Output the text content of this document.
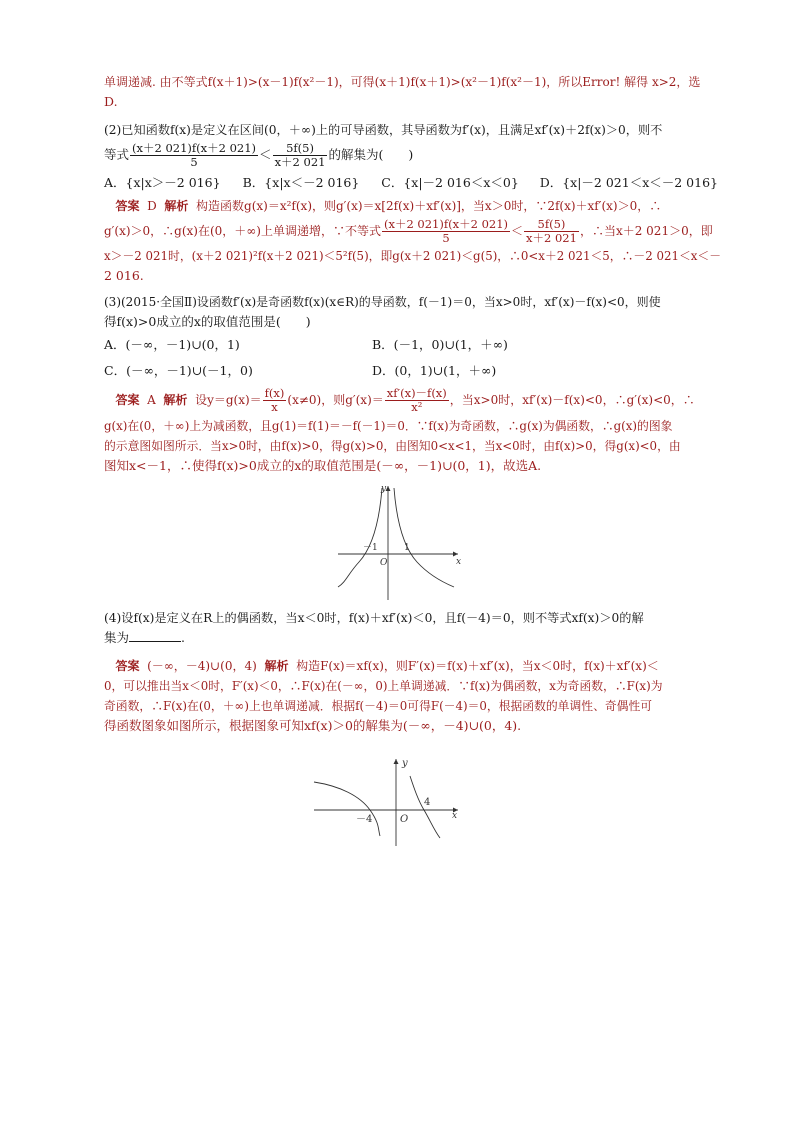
单调递减. 由不等式f(x＋1)>(x－1)f(x²－1)，可得(x＋1)f(x＋1)>(x²－1)f(x²－1)，所以Error! 解得 x>2，选
D.
(2)已知函数f(x)是定义在区间(0，＋∞)上的可导函数，其导函数为f′(x)，且满足xf′(x)＋2f(x)＞0，则不
等式 $\frac{(x+2 021)f(x+2 021)}{5} < \frac{5f(5)}{x+2 021}$ 的解集为(　　)
A．{x|x＞－2 016}	B．{x|x＜－2 016}	C．{x|－2 016＜x＜0}	D．{x|－2 021＜x＜－2 016}
答案 D 解析 构造函数g(x)＝x²f(x)，则g′(x)＝x[2f(x)＋xf′(x)]，当x＞0时，∵2f(x)＋xf′(x)＞0，∴
g′(x)＞0，∴g(x)在(0，＋∞)上单调递增，∵不等式 $\frac{(x+2 021)f(x+2 021)}{5} < \frac{5f(5)}{x+2 021}$ ，∴当x＋2 021＞0，即
x＞－2 021时，(x＋2 021)²f(x＋2 021)＜5²f(5)，即g(x＋2 021)＜g(5)，∴0<x＋2 021＜5，∴－2 021＜x＜－
2 016.
(3)(2015·全国Ⅱ)设函数f′(x)是奇函数f(x)(x∈R)的导函数，f(－1)＝0，当x>0时，xf′(x)－f(x)<0，则使
得f(x)>0成立的x的取值范围是(　　)
A．(－∞，－1)∪(0，1)	B．(－1，0)∪(1，＋∞)
C．(－∞，－1)∪(－1，0)	D．(0，1)∪(1，＋∞)
答案 A 解析 设$y=g(x)= \frac{f(x)}{x} (x\ne 0)$，则$g'(x)= \frac{xf'(x)-f(x)}{\text{x²}}$ ，当x>0时，xf′(x)－f(x)<0，∴g′(x)<0，∴
g(x)在(0，＋∞)上为减函数，且g(1)＝f(1)＝－f(－1)＝0．∵f(x)为奇函数，∴g(x)为偶函数，∴g(x)的图象
的示意图如图所示．当x>0时，由f(x)>0，得g(x)>0，由图知0<x<1，当x<0时，由f(x)>0，得g(x)<0，由
图知x<－1，∴使得f(x)>0成立的x的取值范围是(－∞，－1)∪(0，1)，故选A.
y
x
O
－1	1
(4)设f(x)是定义在R上的偶函数，当x＜0时，f(x)＋xf′(x)＜0，且f(－4)＝0，则不等式xf(x)＞0的解
集为	.
答案 (－∞，－4)∪(0，4) 解析 构造F(x)＝xf(x)，则F′(x)＝f(x)＋xf′(x)，当x＜0时，f(x)＋xf′(x)＜
0，可以推出当x＜0时，F′(x)＜0，∴F(x)在(－∞，0)上单调递减．∵f(x)为偶函数，x为奇函数，∴F(x)为
奇函数，∴F(x)在(0，＋∞)上也单调递减．根据f(－4)＝0可得F(－4)＝0，根据函数的单调性、奇偶性可
得函数图象如图所示，根据图象可知xf(x)＞0的解集为(－∞，－4)∪(0，4).
y
x
O
－4
4
